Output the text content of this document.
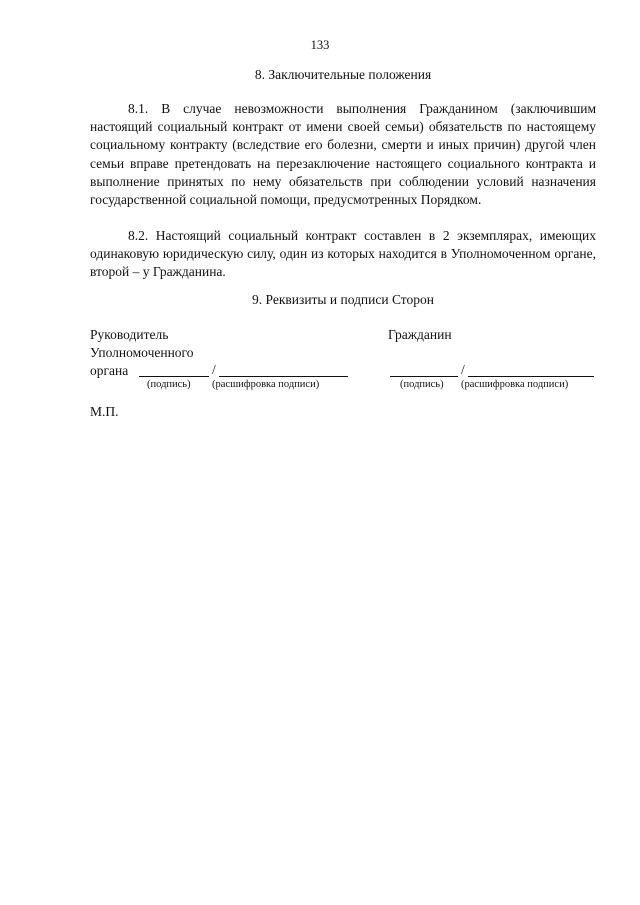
133
8. Заключительные положения

8.1. В случае невозможности выполнения Гражданином (заключившим настоящий социальный контракт от имени своей семьи) обязательств по настоящему социальному контракту (вследствие его болезни, смерти и иных причин) другой член семьи вправе претендовать на перезаключение настоящего социального контракта и выполнение принятых по нему обязательств при соблюдении условий назначения государственной социальной помощи, предусмотренных Порядком.

8.2. Настоящий социальный контракт составлен в 2 экземплярах, имеющих одинаковую юридическую силу, один из которых находится в Уполномоченном органе, второй – у Гражданина.

9. Реквизиты и подписи Сторон
Руководитель
Уполномоченного
органа	/
(подпись) (расшифровка подписи)
Гражданин
/
(подпись) (расшифровка подписи)
М.П.
